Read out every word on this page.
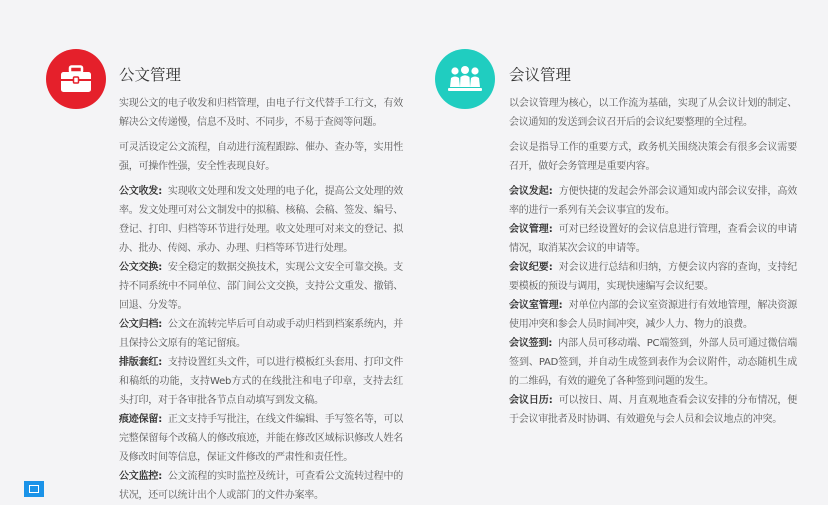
公文管理

实现公文的电子收发和归档管理，由电子行文代替手工行文，有效解决公文传递慢，信息不及时、不同步，不易于查阅等问题。

可灵活设定公文流程，自动进行流程跟踪、催办、查办等，实用性强，可操作性强，安全性表现良好。

公文收发: 实现收文处理和发文处理的电子化，提高公文处理的效率。发文处理可对公文制发中的拟稿、核稿、会稿、签发、编号、登记、打印、归档等环节进行处理。收文处理可对来文的登记、拟办、批办、传阅、承办、办理、归档等环节进行处理。

公文交换: 安全稳定的数据交换技术，实现公文安全可靠交换。支持不同系统中不同单位、部门间公文交换，支持公文重发、撤销、回退、分发等。

公文归档: 公文在流转完毕后可自动或手动归档到档案系统内，并且保持公文原有的笔记留痕。

排版套红: 支持设置红头文件，可以进行模板红头套用、打印文件和稿纸的功能，支持Web方式的在线批注和电子印章，支持去红头打印，对于各审批各节点自动填写到发文稿。

痕迹保留: 正文支持手写批注，在线文件编辑、手写签名等，可以完整保留每个改稿人的修改痕迹，并能在修改区域标识修改人姓名及修改时间等信息，保证文件修改的严肃性和责任性。

公文监控: 公文流程的实时监控及统计，可查看公文流转过程中的状况，还可以统计出个人或部门的文件办案率。

会议管理

以会议管理为核心，以工作流为基础，实现了从会议计划的制定、会议通知的发送到会议召开后的会议纪要整理的全过程。

会议是指导工作的重要方式，政务机关围绕决策会有很多会议需要召开，做好会务管理是重要内容。

会议发起: 方便快捷的发起会外部会议通知或内部会议安排，高效率的进行一系列有关会议事宜的发布。

会议管理: 可对已经设置好的会议信息进行管理，查看会议的申请情况，取消某次会议的申请等。

会议纪要: 对会议进行总结和归纳，方便会议内容的查询，支持纪要模板的预设与调用，实现快速编写会议纪要。

会议室管理: 对单位内部的会议室资源进行有效地管理，解决资源使用冲突和参会人员时间冲突，减少人力、物力的浪费。

会议签到: 内部人员可移动端、PC端签到，外部人员可通过微信端签到、PAD签到，并自动生成签到表作为会议附件，动态随机生成的二维码，有效的避免了各种签到问题的发生。

会议日历: 可以按日、周、月直观地查看会议安排的分布情况，便于会议审批者及时协调、有效避免与会人员和会议地点的冲突。
